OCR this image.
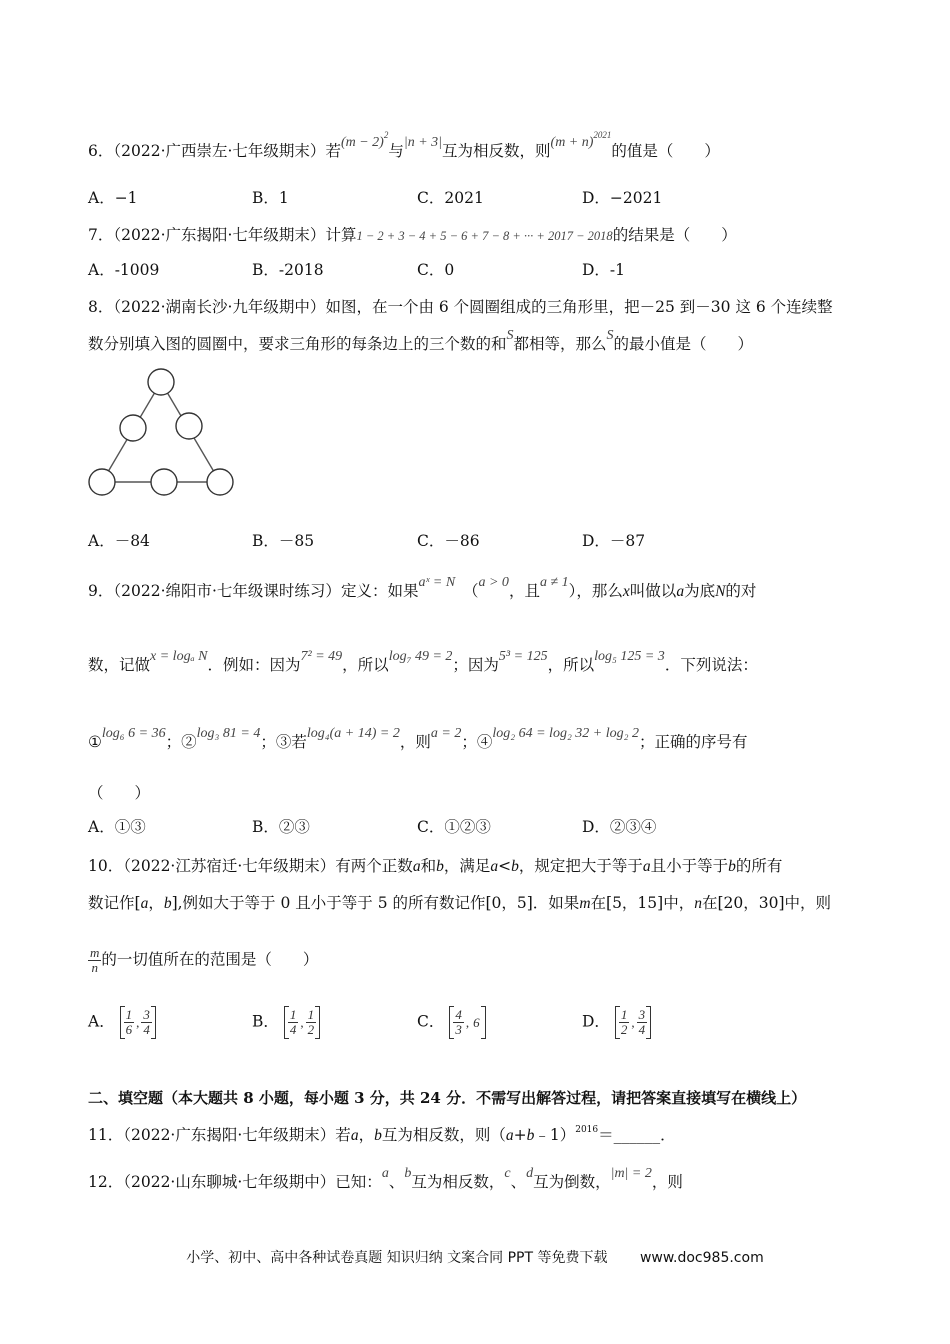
6．（2022·广西崇左·七年级期末）若$(m - 2)^2$与|n + 3|互为相反数，则$(m + n)^{2021}$的值是（　　）
A．−1	B．1	C．2021	D．−2021
7．（2022·广东揭阳·七年级期末）计算1 − 2 + 3 − 4 + 5 − 6 + 7 − 8 + ··· + 2017 − 2018的结果是（　　）
A．-1009	B．-2018	C．0	D．-1
8．（2022·湖南长沙·九年级期中）如图，在一个由 6 个圆圈组成的三角形里，把－25 到－30 这 6 个连续整
数分别填入图的圆圈中，要求三角形的每条边上的三个数的和S都相等，那么S的最小值是（　　）
A．－84	B．－85	C．－86	D．－87
9．（2022·绵阳市·七年级课时练习）定义：如果aˣ = N　 （a > 0，且a ≠ 1），那么x叫做以a为底N的对
数，记做x = logₐ N．例如：因为7² = 49，所以log₇ 49 = 2；因为5³ = 125，所以log₅ 125 = 3．下列说法：
①log₆ 6 = 36；②log₃ 81 = 4；③若log₄(a + 14) = 2，则a = 2；④log₂ 64 = log₂ 32 + log₂ 2；正确的序号有
（　　）
A．①③	B．②③	C．①②③	D．②③④
10．（2022·江苏宿迁·七年级期末）有两个正数a和b，满足a<b，规定把大于等于a且小于等于b的所有
数记作[a，b],例如大于等于 0 且小于等于 5 的所有数记作[0，5]．如果m在[5，15]中，n在[20，30]中，则
$\frac{m}{n}$ 的一切值所在的范围是（　　）
A． $\frac{1}{6}$ , $\frac{3}{4}$	B． $\frac{1}{4}$ , $\frac{1}{2}$	C． $\frac{4}{3}$ , 6	D． $\frac{1}{2}$ , $\frac{3}{4}$
二、填空题（本大题共 8 小题，每小题 3 分，共 24 分．不需写出解答过程，请把答案直接填写在横线上）
11．（2022·广东揭阳·七年级期末）若a，b互为相反数，则（a+b﹣1）$^{2016}$＝______．
12．（2022·山东聊城·七年级期中）已知：a、b互为相反数，c、d互为倒数，|m| = 2，则
小学、初中、高中各种试卷真题 知识归纳 文案合同 PPT 等免费下载 www.doc985.com
